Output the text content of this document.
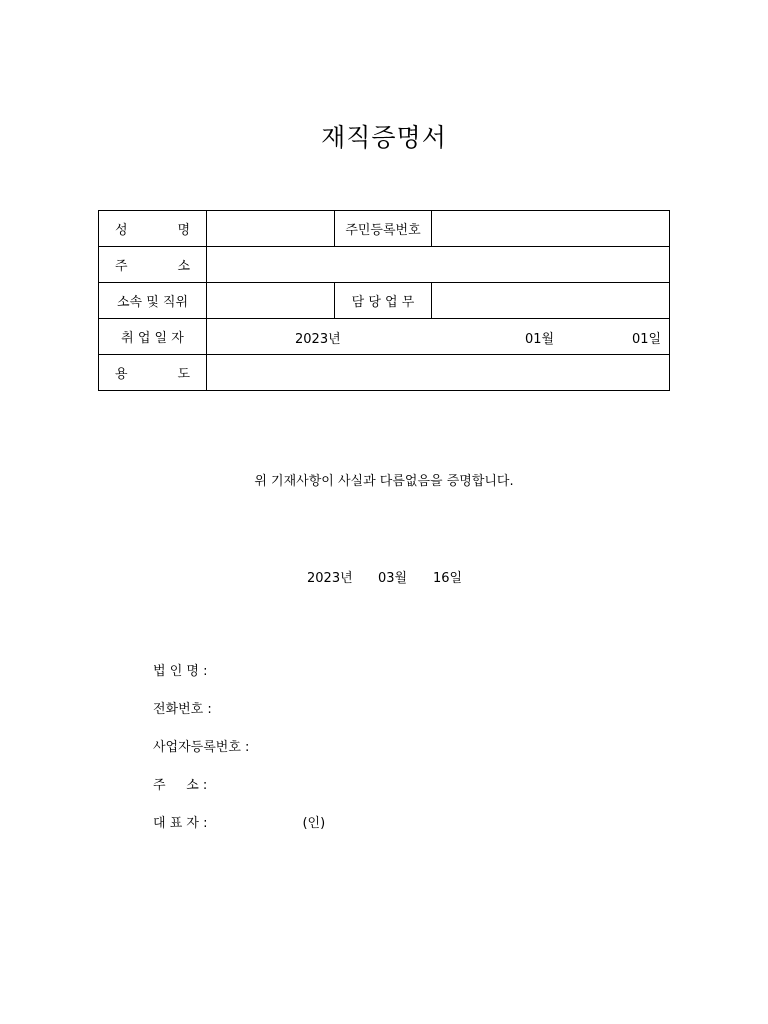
재직증명서
성 명		주민등록번호	

주 소			

소속 및 직위		담 당 업 무	
취 업 일 자	2023년 01월 01일		

용 도			

위 기재사항이 사실과 다름없음을 증명합니다.
2023년 03월 16일
법 인 명 :
전화번호 :
사업자등록번호 :
주     소 :
대 표 자 :	(인)
